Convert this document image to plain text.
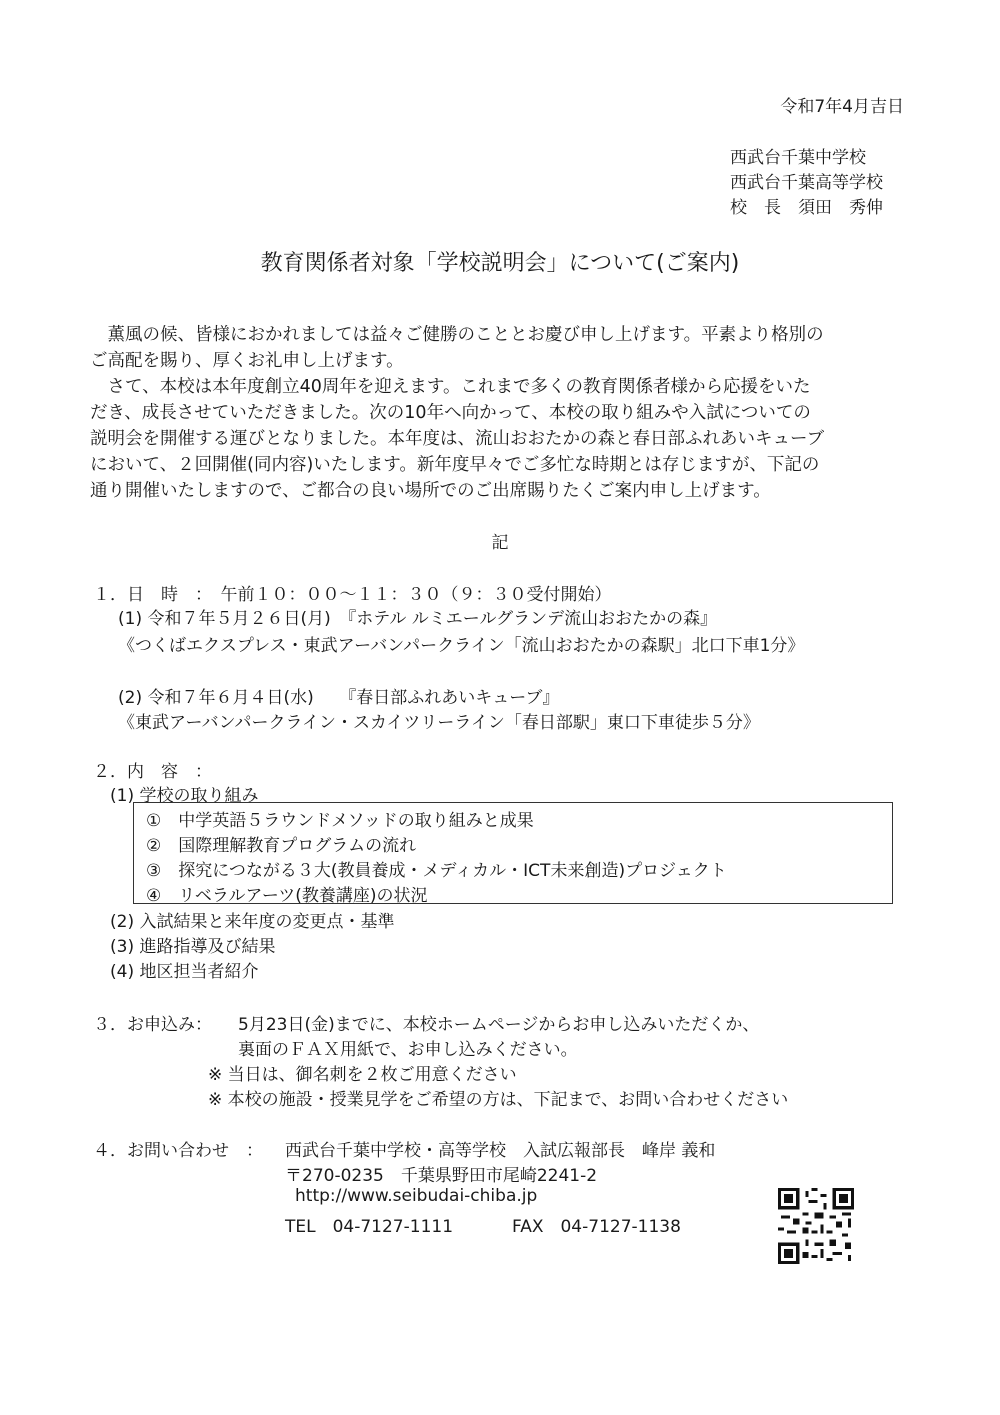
令和7年4月吉日
西武台千葉中学校
西武台千葉高等学校
校　長　須田　秀伸
教育関係者対象「学校説明会」について(ご案内)

　薫風の候、皆様におかれましては益々ご健勝のこととお慶び申し上げます。平素より格別の

ご高配を賜り、厚くお礼申し上げます。

　さて、本校は本年度創立40周年を迎えます。これまで多くの教育関係者様から応援をいた

だき、成長させていただきました。次の10年へ向かって、本校の取り組みや入試についての

説明会を開催する運びとなりました。本年度は、流山おおたかの森と春日部ふれあいキューブ

において、２回開催(同内容)いたします。新年度早々でご多忙な時期とは存じますが、下記の

通り開催いたしますので、ご都合の良い場所でのご出席賜りたくご案内申し上げます。

記
１．日　時　：　午前１０：００～１１：３０（９：３０受付開始）
(1) 令和７年５月２６日(月)　『ホテル ルミエールグランデ流山おおたかの森』
《つくばエクスプレス・東武アーバンパークライン「流山おおたかの森駅」北口下車1分》
(2) 令和７年６月４日(水)　　『春日部ふれあいキューブ』
《東武アーバンパークライン・スカイツリーライン「春日部駅」東口下車徒歩５分》
２．内　容　：
(1) 学校の取り組み
①　中学英語５ラウンドメソッドの取り組みと成果
②　国際理解教育プログラムの流れ
③　探究につながる３大(教員養成・メディカル・ICT未来創造)プロジェクト
④　リベラルアーツ(教養講座)の状況
(2) 入試結果と来年度の変更点・基準
(3) 進路指導及び結果
(4) 地区担当者紹介
３．お申込み： 5月23日(金)までに、本校ホームページからお申し込みいただくか、
裏面のＦＡＸ用紙で、お申し込みください。
※ 当日は、御名刺を２枚ご用意ください
※ 本校の施設・授業見学をご希望の方は、下記まで、お問い合わせください
４．お問い合わせ　： 西武台千葉中学校・高等学校　入試広報部長　峰岸 義和
〒270-0235　千葉県野田市尾崎2241-2
http://www.seibudai-chiba.jp
TEL　04-7127-1111	FAX　04-7127-1138
